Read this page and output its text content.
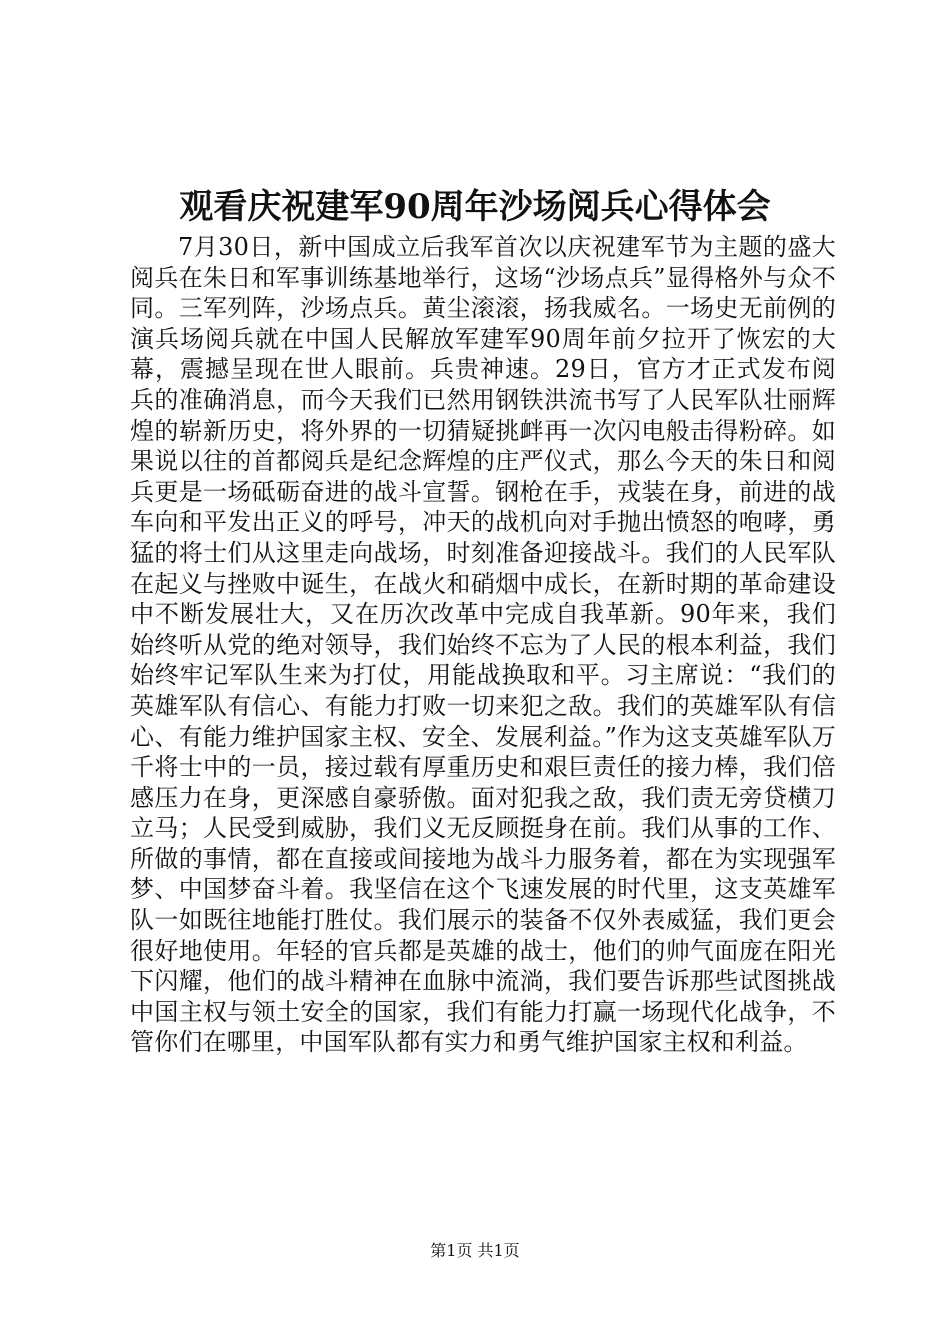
观看庆祝建军90周年沙场阅兵心得体会

7月30日，新中国成立后我军首次以庆祝建军节为主题的盛大阅兵在朱日和军事训练基地举行，这场“沙场点兵”显得格外与众不同。三军列阵，沙场点兵。黄尘滚滚，扬我威名。一场史无前例的演兵场阅兵就在中国人民解放军建军90周年前夕拉开了恢宏的大幕，震撼呈现在世人眼前。兵贵神速。29日，官方才正式发布阅兵的准确消息，而今天我们已然用钢铁洪流书写了人民军队壮丽辉煌的崭新历史，将外界的一切猜疑挑衅再一次闪电般击得粉碎。如果说以往的首都阅兵是纪念辉煌的庄严仪式，那么今天的朱日和阅兵更是一场砥砺奋进的战斗宣誓。钢枪在手，戎装在身，前进的战车向和平发出正义的呼号，冲天的战机向对手抛出愤怒的咆哮，勇猛的将士们从这里走向战场，时刻准备迎接战斗。我们的人民军队在起义与挫败中诞生，在战火和硝烟中成长，在新时期的革命建设中不断发展壮大，又在历次改革中完成自我革新。90年来，我们始终听从党的绝对领导，我们始终不忘为了人民的根本利益，我们始终牢记军队生来为打仗，用能战换取和平。习主席说：“我们的英雄军队有信心、有能力打败一切来犯之敌。我们的英雄军队有信心、有能力维护国家主权、安全、发展利益。”作为这支英雄军队万千将士中的一员，接过载有厚重历史和艰巨责任的接力棒，我们倍感压力在身，更深感自豪骄傲。面对犯我之敌，我们责无旁贷横刀立马；人民受到威胁，我们义无反顾挺身在前。我们从事的工作、所做的事情，都在直接或间接地为战斗力服务着，都在为实现强军梦、中国梦奋斗着。我坚信在这个飞速发展的时代里，这支英雄军队一如既往地能打胜仗。我们展示的装备不仅外表威猛，我们更会很好地使用。年轻的官兵都是英雄的战士，他们的帅气面庞在阳光下闪耀，他们的战斗精神在血脉中流淌，我们要告诉那些试图挑战中国主权与领土安全的国家，我们有能力打赢一场现代化战争，不管你们在哪里，中国军队都有实力和勇气维护国家主权和利益。

第1页 共1页
